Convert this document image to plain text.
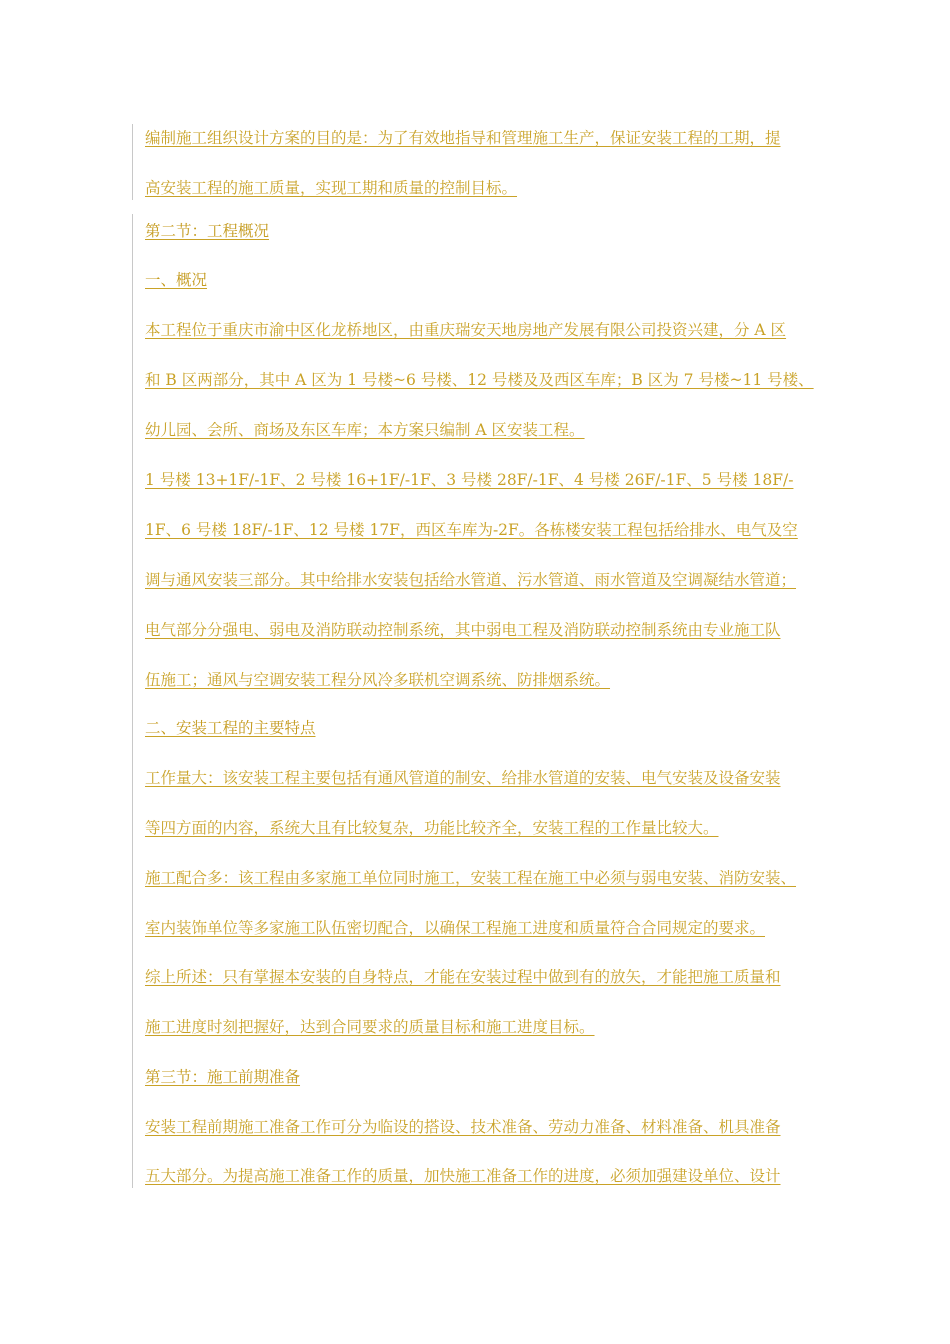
编制施工组织设计方案的目的是：为了有效地指导和管理施工生产，保证安装工程的工期，提

高安装工程的施工质量，实现工期和质量的控制目标。

第二节：工程概况

一、概况

本工程位于重庆市渝中区化龙桥地区，由重庆瑞安天地房地产发展有限公司投资兴建，分 A 区

和 B 区两部分，其中 A 区为 1 号楼~6 号楼、12 号楼及及西区车库；B 区为 7 号楼~11 号楼、

幼儿园、会所、商场及东区车库；本方案只编制 A 区安装工程。

1 号楼 13+1F/-1F、2 号楼 16+1F/-1F、3 号楼 28F/-1F、4 号楼 26F/-1F、5 号楼 18F/-

1F、6 号楼 18F/-1F、12 号楼 17F，西区车库为-2F。各栋楼安装工程包括给排水、电气及空

调与通风安装三部分。其中给排水安装包括给水管道、污水管道、雨水管道及空调凝结水管道；

电气部分分强电、弱电及消防联动控制系统，其中弱电工程及消防联动控制系统由专业施工队

伍施工；通风与空调安装工程分风冷多联机空调系统、防排烟系统。

二、安装工程的主要特点

工作量大：该安装工程主要包括有通风管道的制安、给排水管道的安装、电气安装及设备安装

等四方面的内容，系统大且有比较复杂，功能比较齐全，安装工程的工作量比较大。

施工配合多：该工程由多家施工单位同时施工，安装工程在施工中必须与弱电安装、消防安装、

室内装饰单位等多家施工队伍密切配合，以确保工程施工进度和质量符合合同规定的要求。

综上所述：只有掌握本安装的自身特点，才能在安装过程中做到有的放矢，才能把施工质量和

施工进度时刻把握好，达到合同要求的质量目标和施工进度目标。

第三节：施工前期准备

安装工程前期施工准备工作可分为临设的搭设、技术准备、劳动力准备、材料准备、机具准备

五大部分。为提高施工准备工作的质量，加快施工准备工作的进度，必须加强建设单位、设计
